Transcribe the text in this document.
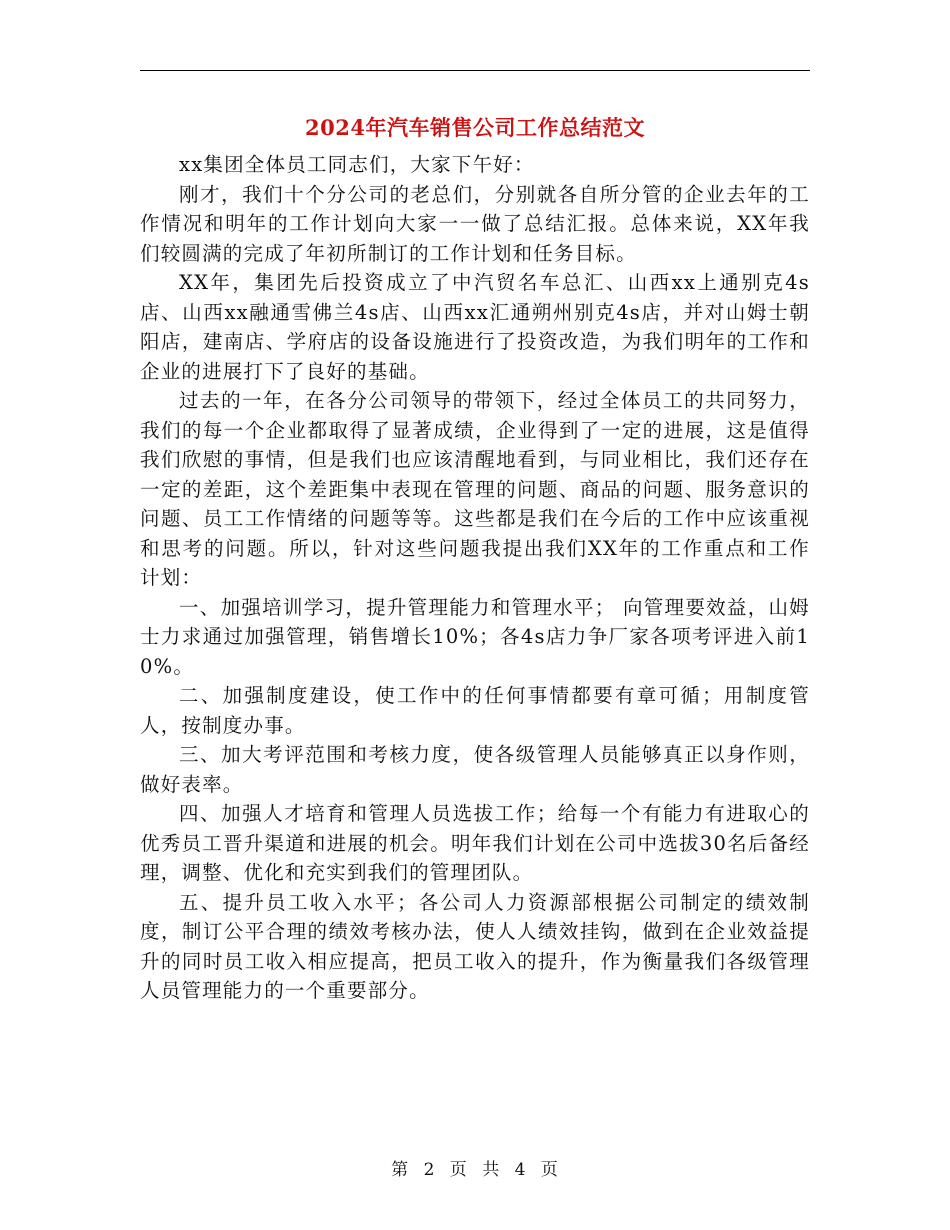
2024年汽车销售公司工作总结范文

xx集团全体员工同志们，大家下午好：

刚才，我们十个分公司的老总们，分别就各自所分管的企业去年的工作情况和明年的工作计划向大家一一做了总结汇报。总体来说，XX年我们较圆满的完成了年初所制订的工作计划和任务目标。

XX年，集团先后投资成立了中汽贸名车总汇、山西xx上通别克4s店、山西xx融通雪佛兰4s店、山西xx汇通朔州别克4s店，并对山姆士朝阳店，建南店、学府店的设备设施进行了投资改造，为我们明年的工作和企业的进展打下了良好的基础。

过去的一年，在各分公司领导的带领下，经过全体员工的共同努力，我们的每一个企业都取得了显著成绩，企业得到了一定的进展，这是值得我们欣慰的事情，但是我们也应该清醒地看到，与同业相比，我们还存在一定的差距，这个差距集中表现在管理的问题、商品的问题、服务意识的问题、员工工作情绪的问题等等。这些都是我们在今后的工作中应该重视和思考的问题。所以，针对这些问题我提出我们XX年的工作重点和工作计划：

一、加强培训学习，提升管理能力和管理水平； 向管理要效益，山姆士力求通过加强管理，销售增长10%；各4s店力争厂家各项考评进入前10%。

二、加强制度建设，使工作中的任何事情都要有章可循；用制度管人，按制度办事。

三、加大考评范围和考核力度，使各级管理人员能够真正以身作则，做好表率。

四、加强人才培育和管理人员选拔工作；给每一个有能力有进取心的优秀员工晋升渠道和进展的机会。明年我们计划在公司中选拔30名后备经理，调整、优化和充实到我们的管理团队。

五、提升员工收入水平；各公司人力资源部根据公司制定的绩效制度，制订公平合理的绩效考核办法，使人人绩效挂钩，做到在企业效益提升的同时员工收入相应提高，把员工收入的提升，作为衡量我们各级管理人员管理能力的一个重要部分。

第 2 页 共 4 页
